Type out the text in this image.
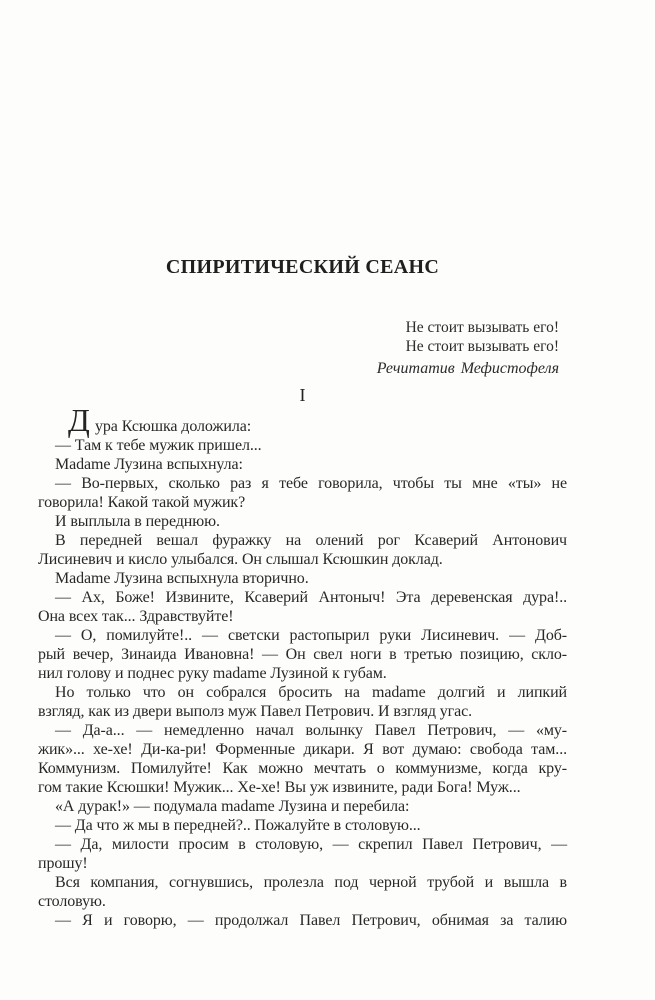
СПИРИТИЧЕСКИЙ СЕАНС
Не стоит вызывать его!
Не стоит вызывать его!
Речитатив Мефистофеля
I
Д ура Ксюшка доложила:
— Там к тебе мужик пришел...
Madame Лузина вспыхнула:
— Во-первых, сколько раз я тебе говорила, чтобы ты мне «ты» не
говорила! Какой такой мужик?
И выплыла в переднюю.
В передней вешал фуражку на олений рог Ксаверий Антонович
Лисиневич и кисло улыбался. Он слышал Ксюшкин доклад.
Madame Лузина вспыхнула вторично.
— Ах, Боже! Извините, Ксаверий Антоныч! Эта деревенская дура!..
Она всех так... Здравствуйте!
— О, помилуйте!.. — светски растопырил руки Лисиневич. — Доб-
рый вечер, Зинаида Ивановна! — Он свел ноги в третью позицию, скло-
нил голову и поднес руку madame Лузиной к губам.
Но только что он собрался бросить на madame долгий и липкий
взгляд, как из двери выполз муж Павел Петрович. И взгляд угас.
— Да-а... — немедленно начал волынку Павел Петрович, — «му-
жик»... хе-хе! Ди-ка-ри! Форменные дикари. Я вот думаю: свобода там...
Коммунизм. Помилуйте! Как можно мечтать о коммунизме, когда кру-
гом такие Ксюшки! Мужик... Хе-хе! Вы уж извините, ради Бога! Муж...
«А дурак!» — подумала madame Лузина и перебила:
— Да что ж мы в передней?.. Пожалуйте в столовую...
— Да, милости просим в столовую, — скрепил Павел Петрович, —
прошу!
Вся компания, согнувшись, пролезла под черной трубой и вышла в
столовую.
— Я и говорю, — продолжал Павел Петрович, обнимая за талию
